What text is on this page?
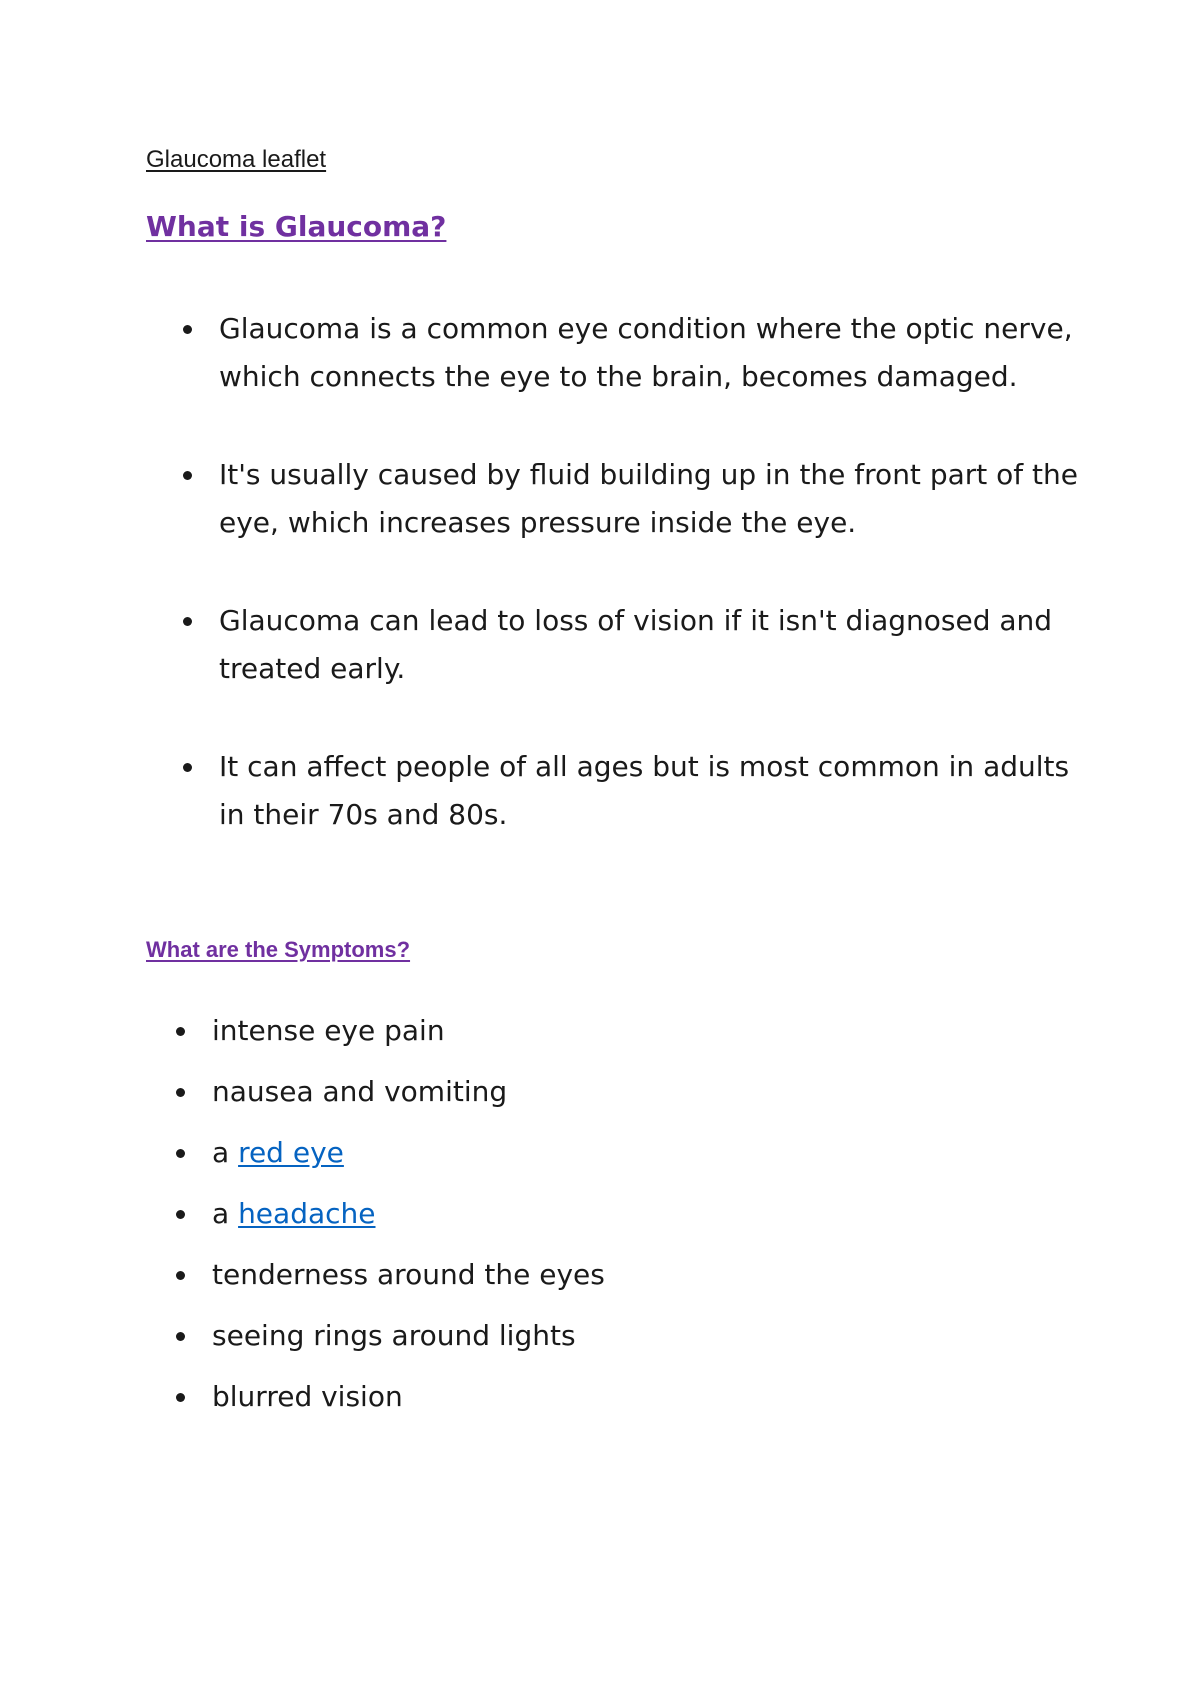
Glaucoma leaflet
What is Glaucoma?
Glaucoma is a common eye condition where the optic nerve, which connects the eye to the brain, becomes damaged.
It's usually caused by fluid building up in the front part of the eye, which increases pressure inside the eye.
Glaucoma can lead to loss of vision if it isn't diagnosed and treated early.
It can affect people of all ages but is most common in adults in their 70s and 80s.
What are the Symptoms?
intense eye pain
nausea and vomiting
a red eye
a headache
tenderness around the eyes
seeing rings around lights
blurred vision
